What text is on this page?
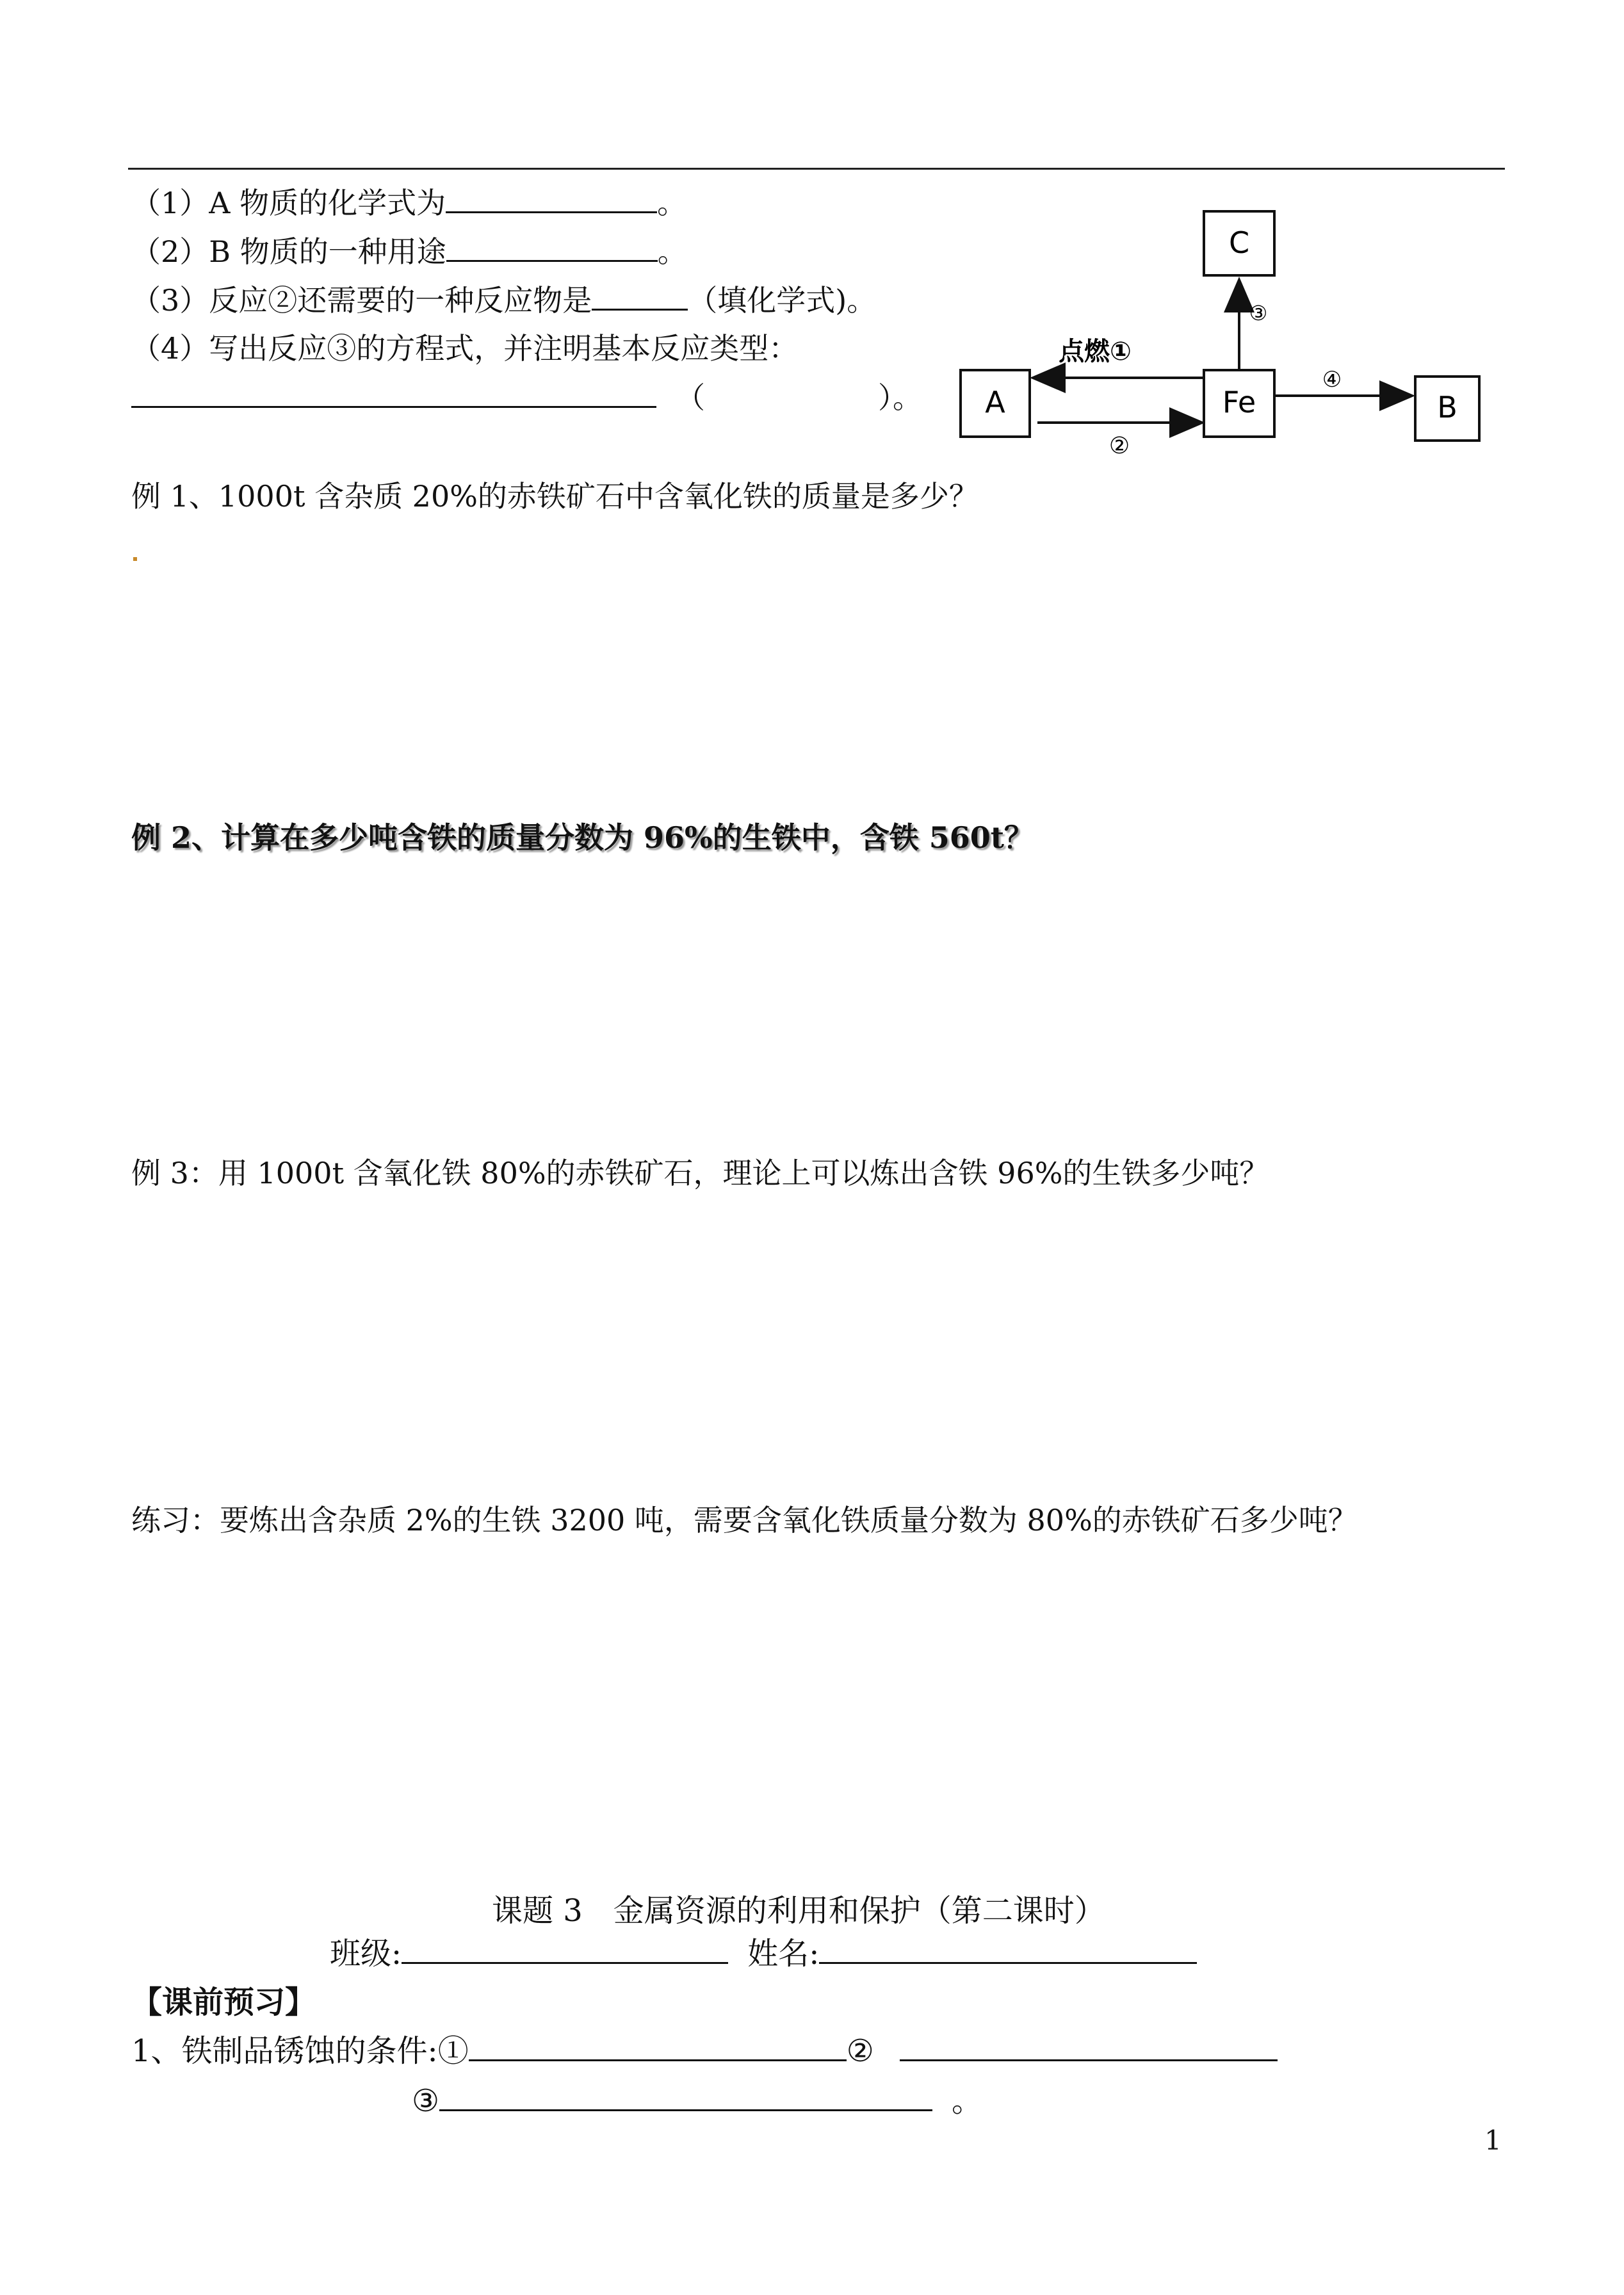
（1）A 物质的化学式为	。
（2）B 物质的一种用途	。
（3）反应②还需要的一种反应物是	（填化学式)。
（4）写出反应③的方程式，并注明基本反应类型：
（	）。
C
A	Fe	B
点燃①
②
③
④
例 1、1000t 含杂质 20%的赤铁矿石中含氧化铁的质量是多少？
例 2、计算在多少吨含铁的质量分数为 96%的生铁中，含铁 560t？
例 3：用 1000t 含氧化铁 80%的赤铁矿石，理论上可以炼出含铁 96%的生铁多少吨？
练习：要炼出含杂质 2%的生铁 3200 吨，需要含氧化铁质量分数为 80%的赤铁矿石多少吨？
课题 3　金属资源的利用和保护（第二课时）
班级:	姓名:
【课前预习】
1、铁制品锈蚀的条件:①	②
③	。
1
